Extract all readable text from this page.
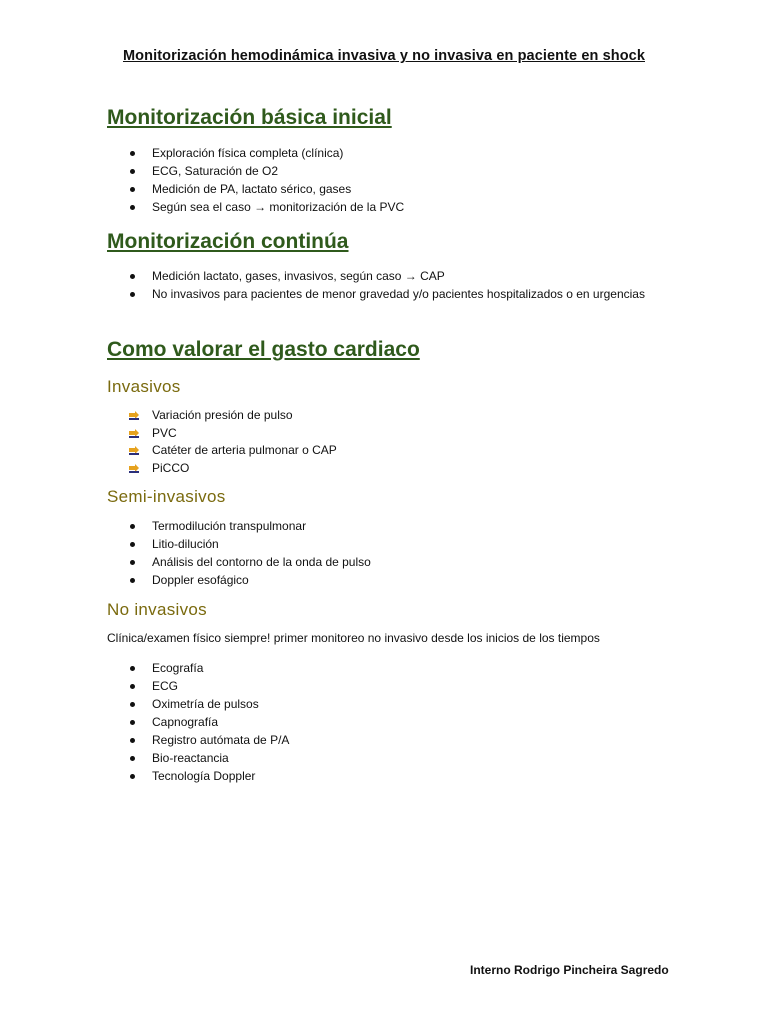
Monitorización hemodinámica invasiva y no invasiva en paciente en shock
Monitorización básica inicial
Exploración física completa (clínica)
ECG, Saturación de O2
Medición de PA, lactato sérico, gases
Según sea el caso → monitorización de la PVC
Monitorización continúa
Medición lactato, gases, invasivos, según caso → CAP
No invasivos para pacientes de menor gravedad y/o pacientes hospitalizados o en urgencias
Como valorar el gasto cardiaco
Invasivos
Variación presión de pulso
PVC
Catéter de arteria pulmonar o CAP
PiCCO
Semi-invasivos
Termodilución transpulmonar
Litio-dilución
Análisis del contorno de la onda de pulso
Doppler esofágico
No invasivos
Clínica/examen físico siempre! primer monitoreo no invasivo desde los inicios de los tiempos
Ecografía
ECG
Oximetría de pulsos
Capnografía
Registro autómata de P/A
Bio-reactancia
Tecnología Doppler
Interno Rodrigo Pincheira Sagredo
